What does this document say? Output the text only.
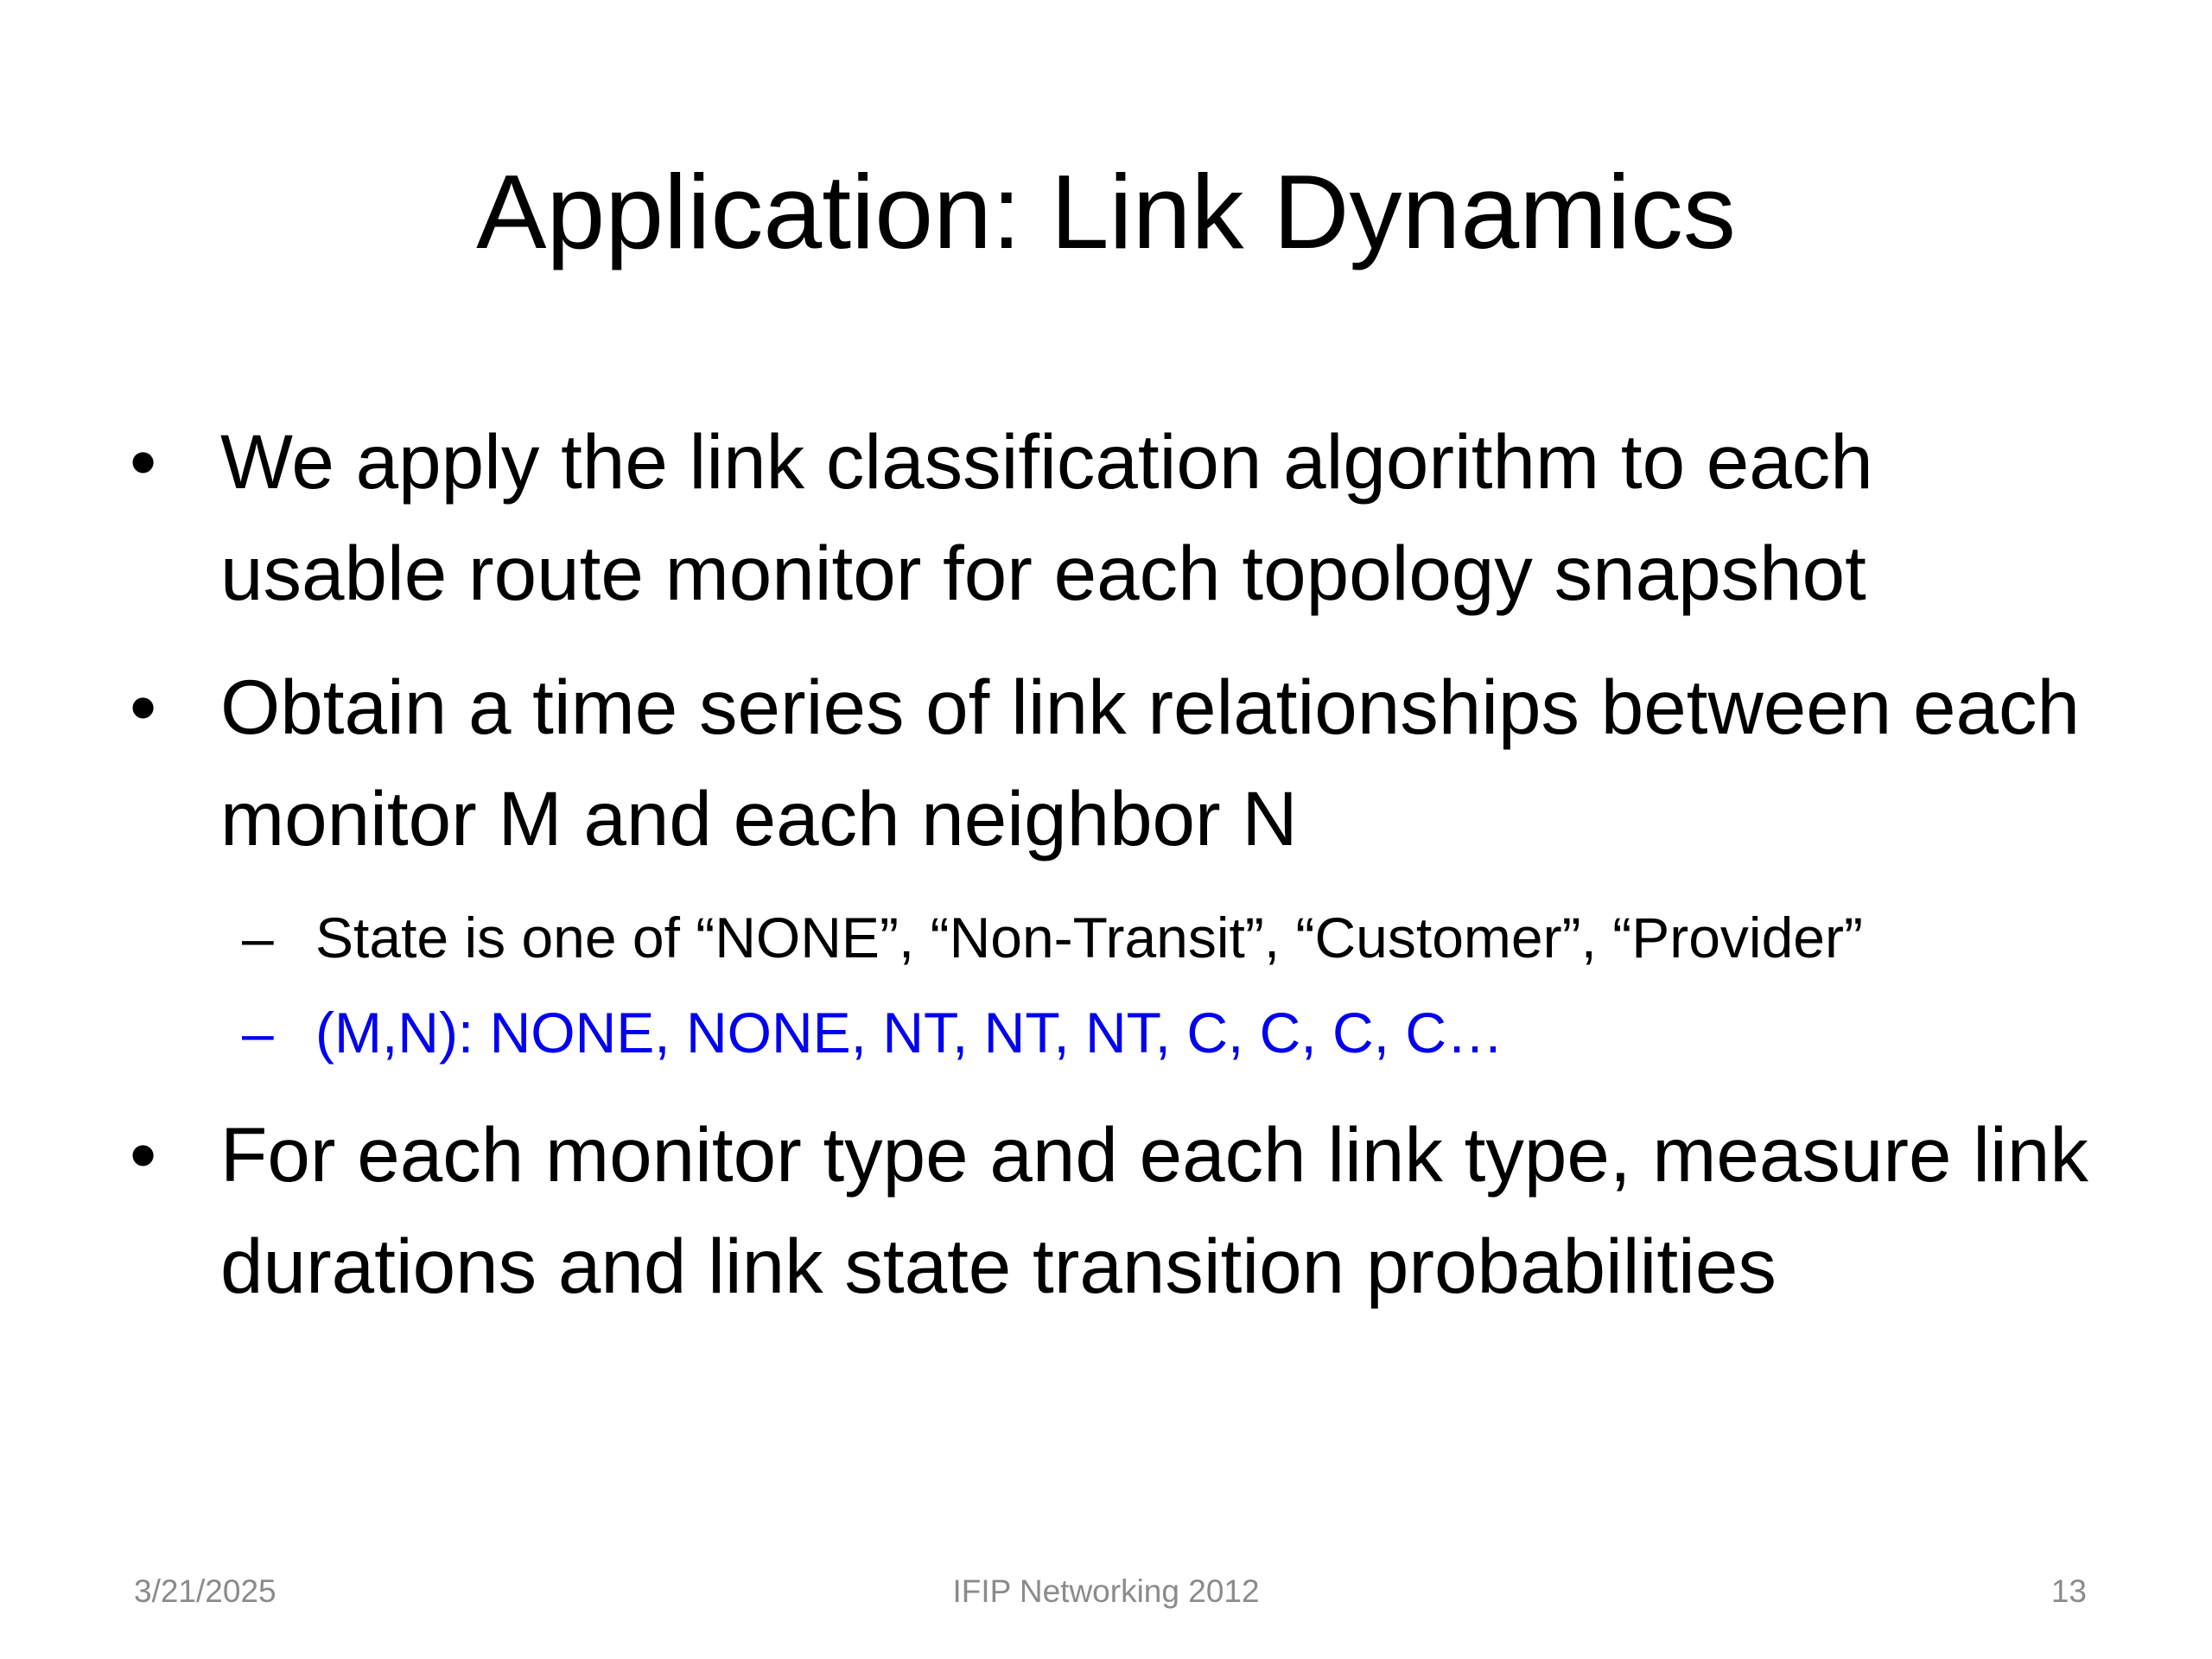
Application: Link Dynamics
• We apply the link classification algorithm to each usable route monitor for each topology snapshot
• Obtain a time series of link relationships between each monitor M and each neighbor N
– State is one of “NONE”, “Non-Transit”, “Customer”, “Provider”
– (M,N): NONE, NONE, NT, NT, NT, C, C, C, C…
• For each monitor type and each link type, measure link durations and link state transition probabilities
3/21/2025	IFIP Networking 2012	13
